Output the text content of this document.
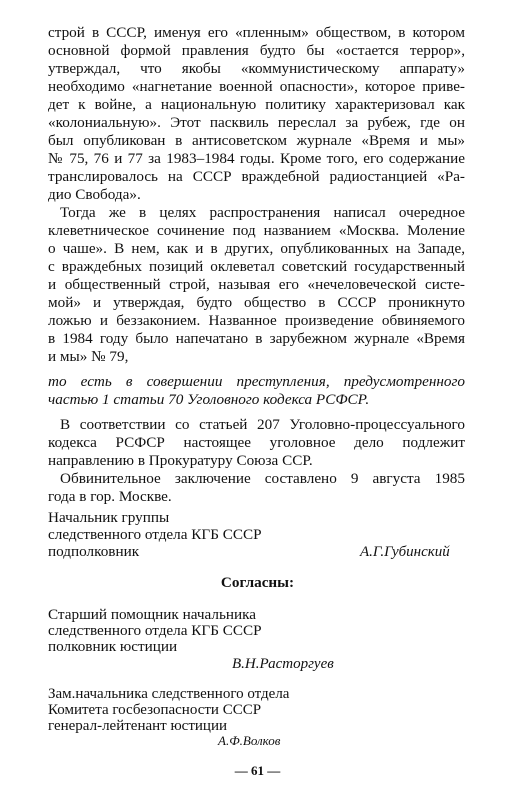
строй в СССР, именуя его «пленным» обществом, в котором
основной формой правления будто бы «остается террор»,
утверждал, что якобы «коммунистическому аппарату»
необходимо «нагнетание военной опасности», которое приве-
дет к войне, а национальную политику характеризовал как
«колониальную». Этот пасквиль переслал за рубеж, где он
был опубликован в антисоветском журнале «Время и мы»
№ 75, 76 и 77 за 1983–1984 годы. Кроме того, его содержание
транслировалось на СССР враждебной радиостанцией «Ра-
дио Свобода».
Тогда же в целях распространения написал очередное
клеветническое сочинение под названием «Москва. Моление
о чаше». В нем, как и в других, опубликованных на Западе,
с враждебных позиций оклеветал советский государственный
и общественный строй, называя его «нечеловеческой систе-
мой» и утверждая, будто общество в СССР проникнуто
ложью и беззаконием. Названное произведение обвиняемого
в 1984 году было напечатано в зарубежном журнале «Время
и мы» № 79,
то есть в совершении преступления, предусмотренного
частью 1 статьи 70 Уголовного кодекса РСФСР.
В соответствии со статьей 207 Уголовно-процессуального
кодекса РСФСР настоящее уголовное дело подлежит
направлению в Прокуратуру Союза ССР.
Обвинительное заключение составлено 9 августа 1985
года в гор. Москве.
Начальник группы
следственного отдела КГБ СССР
подполковник	А.Г.Губинский
Согласны:
Старший помощник начальника
следственного отдела КГБ СССР
полковник юстиции
В.Н.Расторгуев
Зам.начальника следственного отдела
Комитета госбезопасности СССР
генерал-лейтенант юстиции
А.Ф.Волков
— 61 —
